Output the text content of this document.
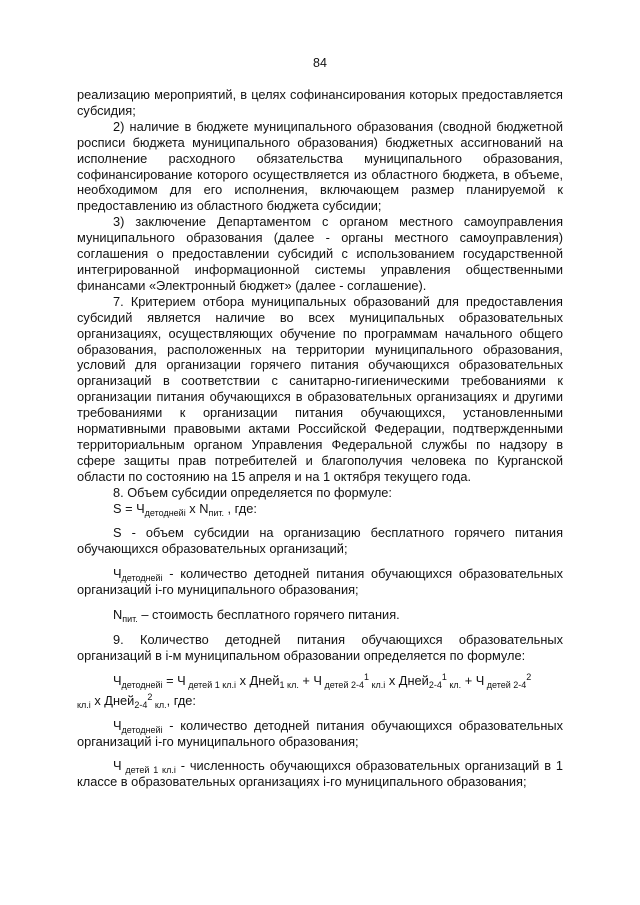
84

реализацию мероприятий, в целях софинансирования которых предоставляется субсидия;

2) наличие в бюджете муниципального образования (сводной бюджетной росписи бюджета муниципального образования) бюджетных ассигнований на исполнение расходного обязательства муниципального образования, софинансирование которого осуществляется из областного бюджета, в объеме, необходимом для его исполнения, включающем размер планируемой к предоставлению из областного бюджета субсидии;

3) заключение Департаментом с органом местного самоуправления муниципального образования (далее - органы местного самоуправления) соглашения о предоставлении субсидий с использованием государственной интегрированной информационной системы управления общественными финансами «Электронный бюджет» (далее - соглашение).

7. Критерием отбора муниципальных образований для предоставления субсидий является наличие во всех муниципальных образовательных организациях, осуществляющих обучение по программам начального общего образования, расположенных на территории муниципального образования, условий для организации горячего питания обучающихся образовательных организаций в соответствии с санитарно-гигиеническими требованиями к организации питания обучающихся в образовательных организациях и другими требованиями к организации питания обучающихся, установленными нормативными правовыми актами Российской Федерации, подтвержденными территориальным органом Управления Федеральной службы по надзору в сфере защиты прав потребителей и благополучия человека по Курганской области по состоянию на 15 апреля и на 1 октября текущего года.

8. Объем субсидии определяется по формуле:

$S = Ч_{детоднейi}$ х $N_{пит.}$ , где:

S - объем субсидии на организацию бесплатного горячего питания обучающихся образовательных организаций;

$Ч_{детоднейi}$ - количество детодней питания обучающихся образовательных организаций i-го муниципального образования;

$N_{пит.}$ – стоимость бесплатного горячего питания.

9. Количество детодней питания обучающихся образовательных организаций в i-м муниципальном образовании определяется по формуле:

$Ч_{детоднейi} = Ч$ $_{детей 1 кл.i}$ х Дней$_{1 кл.}$ + Ч $_{детей 2-4}^1$ $_{кл.i}$ х Дней$_{2-4}^1$ $_{кл.}$ + Ч $_{детей 2-4}^2$

$_{кл.i}$ х Дней$_{2-4}^2$ $_{кл.}$, где:

$Ч_{детоднейi}$ - количество детодней питания обучающихся образовательных организаций i-го муниципального образования;

Ч $_{детей 1 кл.i}$ - численность обучающихся образовательных организаций в 1 классе в образовательных организациях i-го муниципального образования;
